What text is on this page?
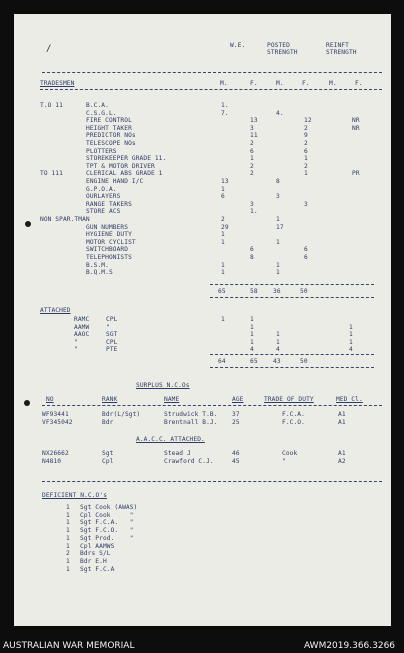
∕	W.E.	POSTED
STRENGTH
REINFT
STRENGTH
TRADESMEN	M.	F.	M.	F.	M.	F.
T.O 11	B.C.A.	1.
C.S.G.L.	7.	4.
FIRE CONTROL	13	12	NR
HEIGHT TAKER	3	2	NR
PREDICTOR NOs	11	9
TELESCOPE NOs	2	2
PLOTTERS	6	6
STOREKEEPER GRADE 11.	1	1
TPT & MOTOR DRIVER	2	2
TO 111	CLERICAL ABS GRADE 1	2	1	PR
ENGINE HAND I/C	13	8
G.P.O.A.	1
OURLAYERS	6	3
RANGE TAKERS	3	3
STORE ACS	1.
NON SPAR.TMAN	2	1
GUN NUMBERS	29	17
HYGIENE DUTY	1
MOTOR CYCLIST	1	1
SWITCHBOARD	6	6
TELEPHONISTS	8	6
B.S.M.	1	1
B.Q.M.S	1	1
65	58 36	50
ATTACHED
RAMC	CPL	1	1
AAMW	"	1	1
AAOC	SGT	1	1	1
"	CPL	1	1	1
"	PTE	4	4	4
64	65 43	50
SURPLUS N.C.Os
NO	RANK	NAME	AGE	TRADE OF DUTY	MED Cl.
WF93441	Bdr(L/Sgt)	Strudwick T.B. 37	F.C.A.	A1
VF345042	Bdr	Brentnall B.J. 25	F.C.O.	A1
A.A.C.C. ATTACHED.
NX26662	Sgt	Stead J	46	Cook	A1
N4810	Cpl	Crawford C.J.	45	"	A2
DEFICIENT N.C.O's
1 Sgt Cook (AWAS)
1 Cpl Cook     "
1 Sgt F.C.A.   "
1 Sgt F.C.O.   "
1 Sgt Prod.    "
1 Cpl AAMWS
2 Bdrs S/L
1 Bdr E.H
1 Sgt F.C.A
AUSTRALIAN WAR MEMORIAL	AWM2019.366.3266
